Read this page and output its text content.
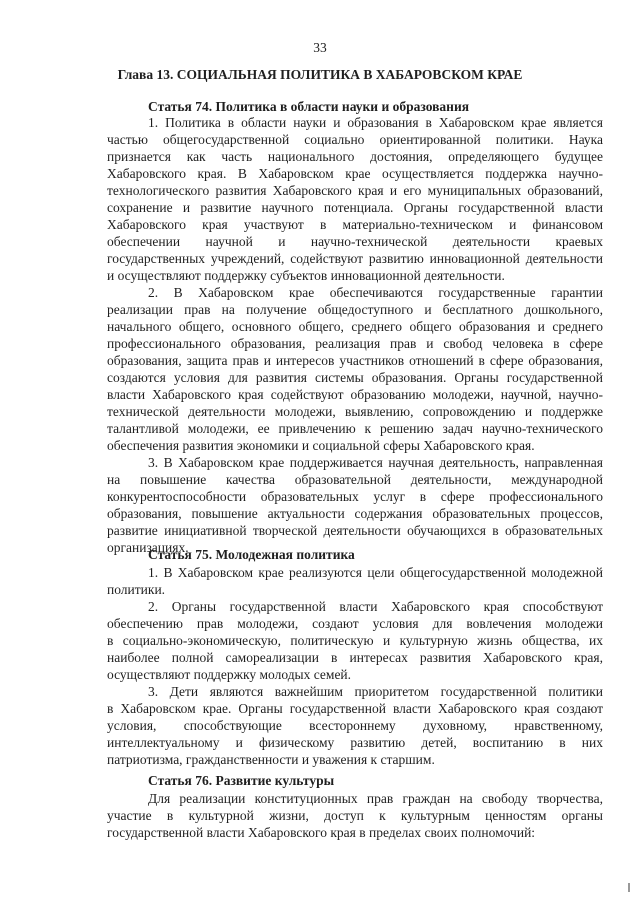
33
Глава 13. СОЦИАЛЬНАЯ ПОЛИТИКА В ХАБАРОВСКОМ КРАЕ
Статья 74. Политика в области науки и образования
1. Политика в области науки и образования в Хабаровском крае является
частью общегосударственной социально ориентированной политики. Наука
признается как часть национального достояния, определяющего будущее
Хабаровского края. В Хабаровском крае осуществляется поддержка научно-
технологического развития Хабаровского края и его муниципальных образований,
сохранение и развитие научного потенциала. Органы государственной власти
Хабаровского края участвуют в материально-техническом и финансовом
обеспечении научной и научно-технической деятельности краевых
государственных учреждений, содействуют развитию инновационной деятельности
и осуществляют поддержку субъектов инновационной деятельности.
2. В Хабаровском крае обеспечиваются государственные гарантии
реализации прав на получение общедоступного и бесплатного дошкольного,
начального общего, основного общего, среднего общего образования и среднего
профессионального образования, реализация прав и свобод человека в сфере
образования, защита прав и интересов участников отношений в сфере образования,
создаются условия для развития системы образования. Органы государственной
власти Хабаровского края содействуют образованию молодежи, научной, научно-
технической деятельности молодежи, выявлению, сопровождению и поддержке
талантливой молодежи, ее привлечению к решению задач научно-технического
обеспечения развития экономики и социальной сферы Хабаровского края.
3. В Хабаровском крае поддерживается научная деятельность, направленная
на повышение качества образовательной деятельности, международной
конкурентоспособности образовательных услуг в сфере профессионального
образования, повышение актуальности содержания образовательных процессов,
развитие инициативной творческой деятельности обучающихся в образовательных
организациях.
Статья 75. Молодежная политика
1. В Хабаровском крае реализуются цели общегосударственной молодежной
политики.
2. Органы государственной власти Хабаровского края способствуют
обеспечению прав молодежи, создают условия для вовлечения молодежи
в социально-экономическую, политическую и культурную жизнь общества, их
наиболее полной самореализации в интересах развития Хабаровского края,
осуществляют поддержку молодых семей.
3. Дети являются важнейшим приоритетом государственной политики
в Хабаровском крае. Органы государственной власти Хабаровского края создают
условия, способствующие всестороннему духовному, нравственному,
интеллектуальному и физическому развитию детей, воспитанию в них
патриотизма, гражданственности и уважения к старшим.
Статья 76. Развитие культуры
Для реализации конституционных прав граждан на свободу творчества,
участие в культурной жизни, доступ к культурным ценностям органы
государственной власти Хабаровского края в пределах своих полномочий:
